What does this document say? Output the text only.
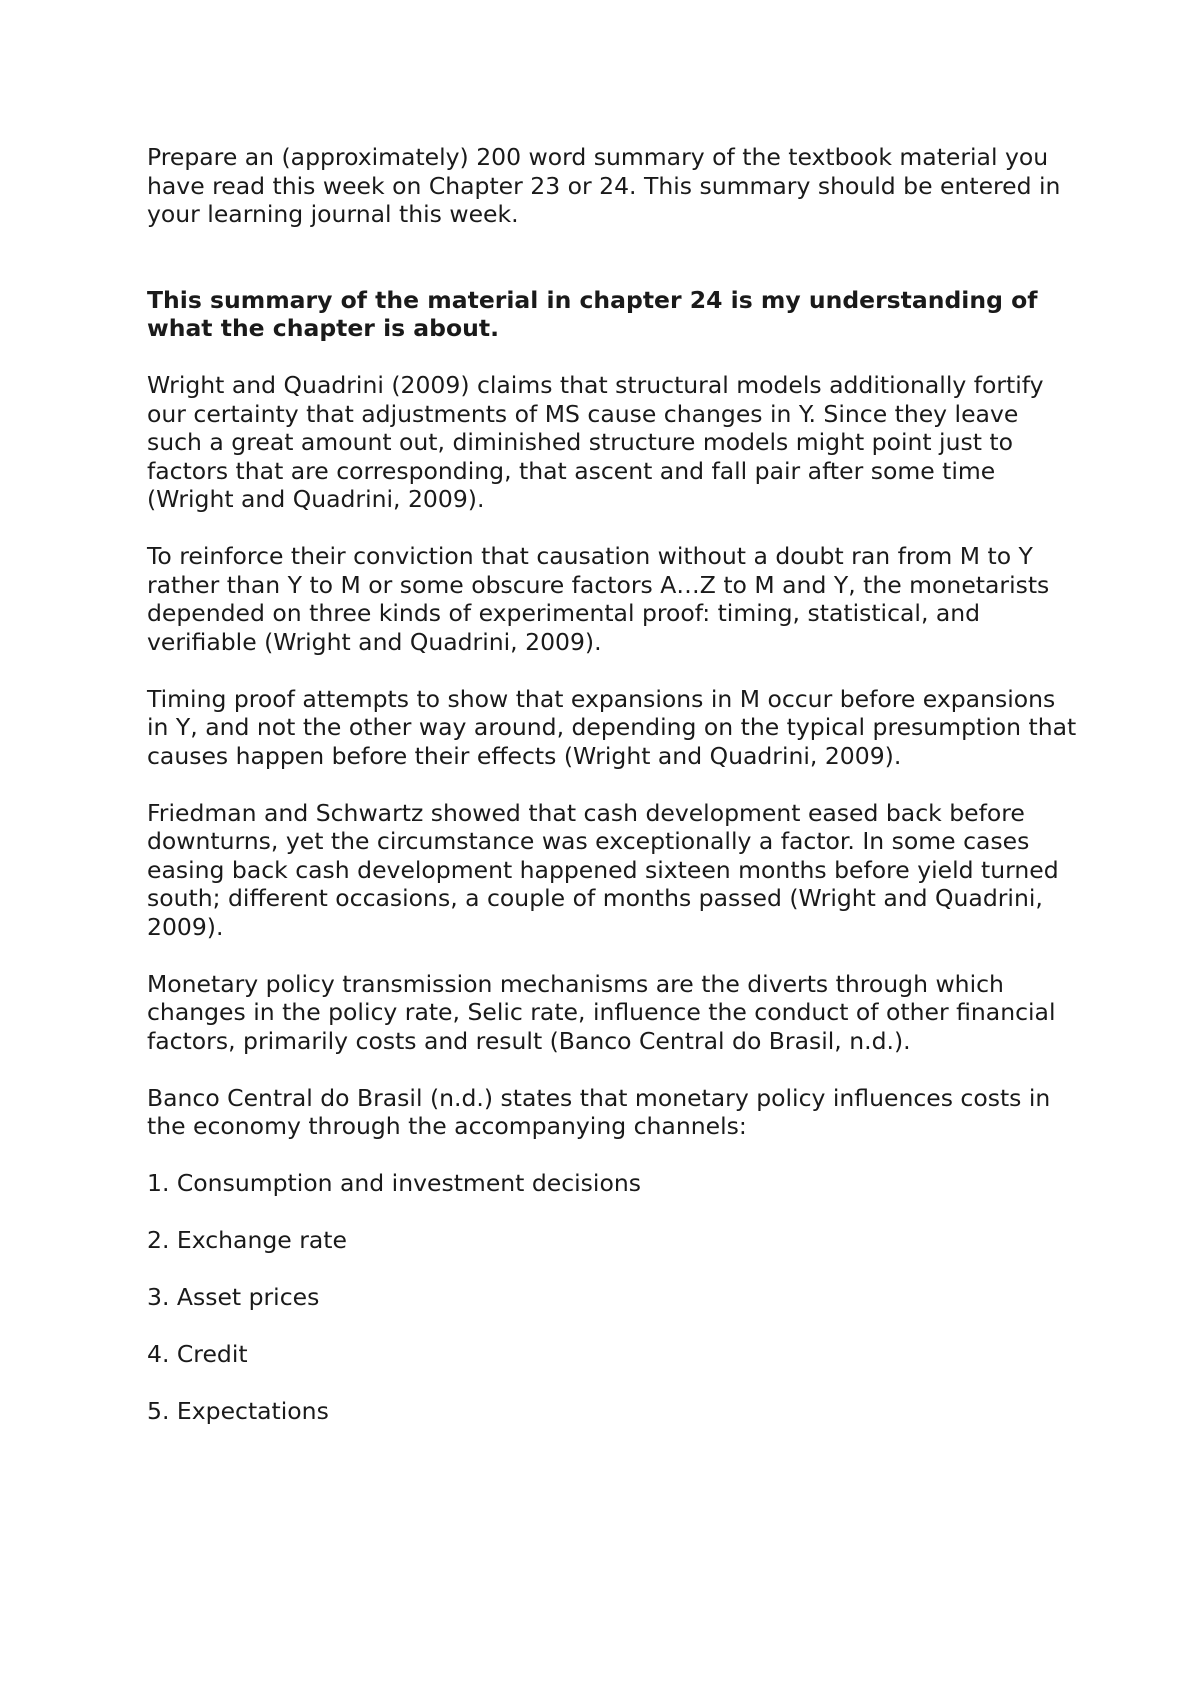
Prepare an (approximately) 200 word summary of the textbook material you have read this week on Chapter 23 or 24. This summary should be entered in your learning journal this week.

This summary of the material in chapter 24 is my understanding of what the chapter is about.

Wright and Quadrini (2009) claims that structural models additionally fortify our certainty that adjustments of MS cause changes in Y. Since they leave such a great amount out, diminished structure models might point just to factors that are corresponding, that ascent and fall pair after some time (Wright and Quadrini, 2009).

To reinforce their conviction that causation without a doubt ran from M to Y rather than Y to M or some obscure factors A…Z to M and Y, the monetarists depended on three kinds of experimental proof: timing, statistical, and verifiable (Wright and Quadrini, 2009).

Timing proof attempts to show that expansions in M occur before expansions in Y, and not the other way around, depending on the typical presumption that causes happen before their effects (Wright and Quadrini, 2009).

Friedman and Schwartz showed that cash development eased back before downturns, yet the circumstance was exceptionally a factor. In some cases easing back cash development happened sixteen months before yield turned south; different occasions, a couple of months passed (Wright and Quadrini, 2009).

Monetary policy transmission mechanisms are the diverts through which changes in the policy rate, Selic rate, influence the conduct of other financial factors, primarily costs and result (Banco Central do Brasil, n.d.).

Banco Central do Brasil (n.d.) states that monetary policy influences costs in the economy through the accompanying channels:

1. Consumption and investment decisions

2. Exchange rate

3. Asset prices

4. Credit

5. Expectations
